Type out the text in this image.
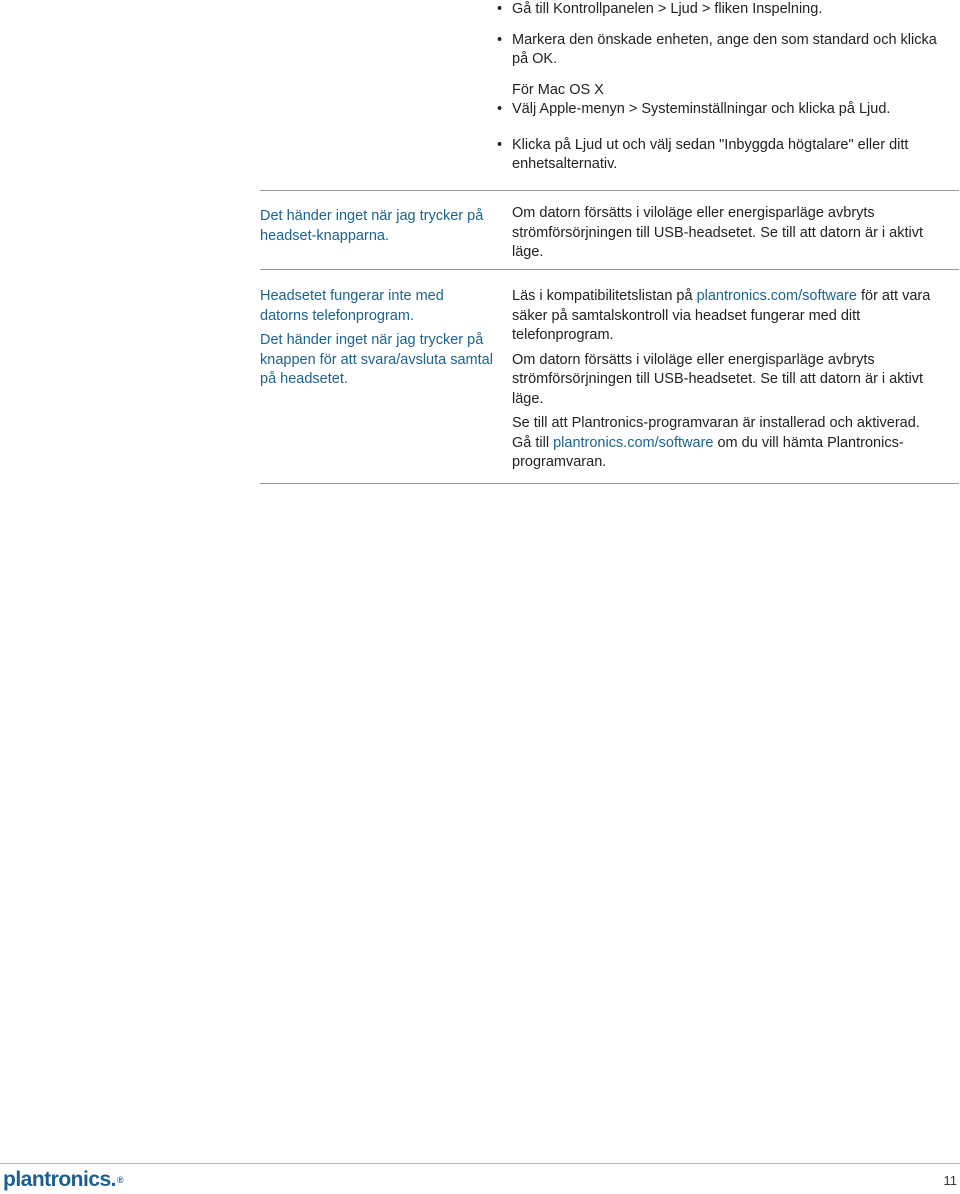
• Gå till Kontrollpanelen > Ljud > fliken Inspelning.

• Markera den önskade enheten, ange den som standard och klicka på OK.

För Mac OS X

• Välj Apple-menyn > Systeminställningar och klicka på Ljud.

• Klicka på Ljud ut och välj sedan "Inbyggda högtalare" eller ditt enhetsalternativ.

Det händer inget när jag trycker på headset-knapparna.

Om datorn försätts i viloläge eller energisparläge avbryts strömförsörjningen till USB-headsetet. Se till att datorn är i aktivt läge.

Headsetet fungerar inte med datorns telefonprogram.

Det händer inget när jag trycker på knappen för att svara/avsluta samtal på headsetet.

Läs i kompatibilitetslistan på plantronics.com/software för att vara säker på samtalskontroll via headset fungerar med ditt telefonprogram.

Om datorn försätts i viloläge eller energisparläge avbryts strömförsörjningen till USB-headsetet. Se till att datorn är i aktivt läge.

Se till att Plantronics-programvaran är installerad och aktiverad. Gå till plantronics.com/software om du vill hämta Plantronics-programvaran.

plantronics.®	11
